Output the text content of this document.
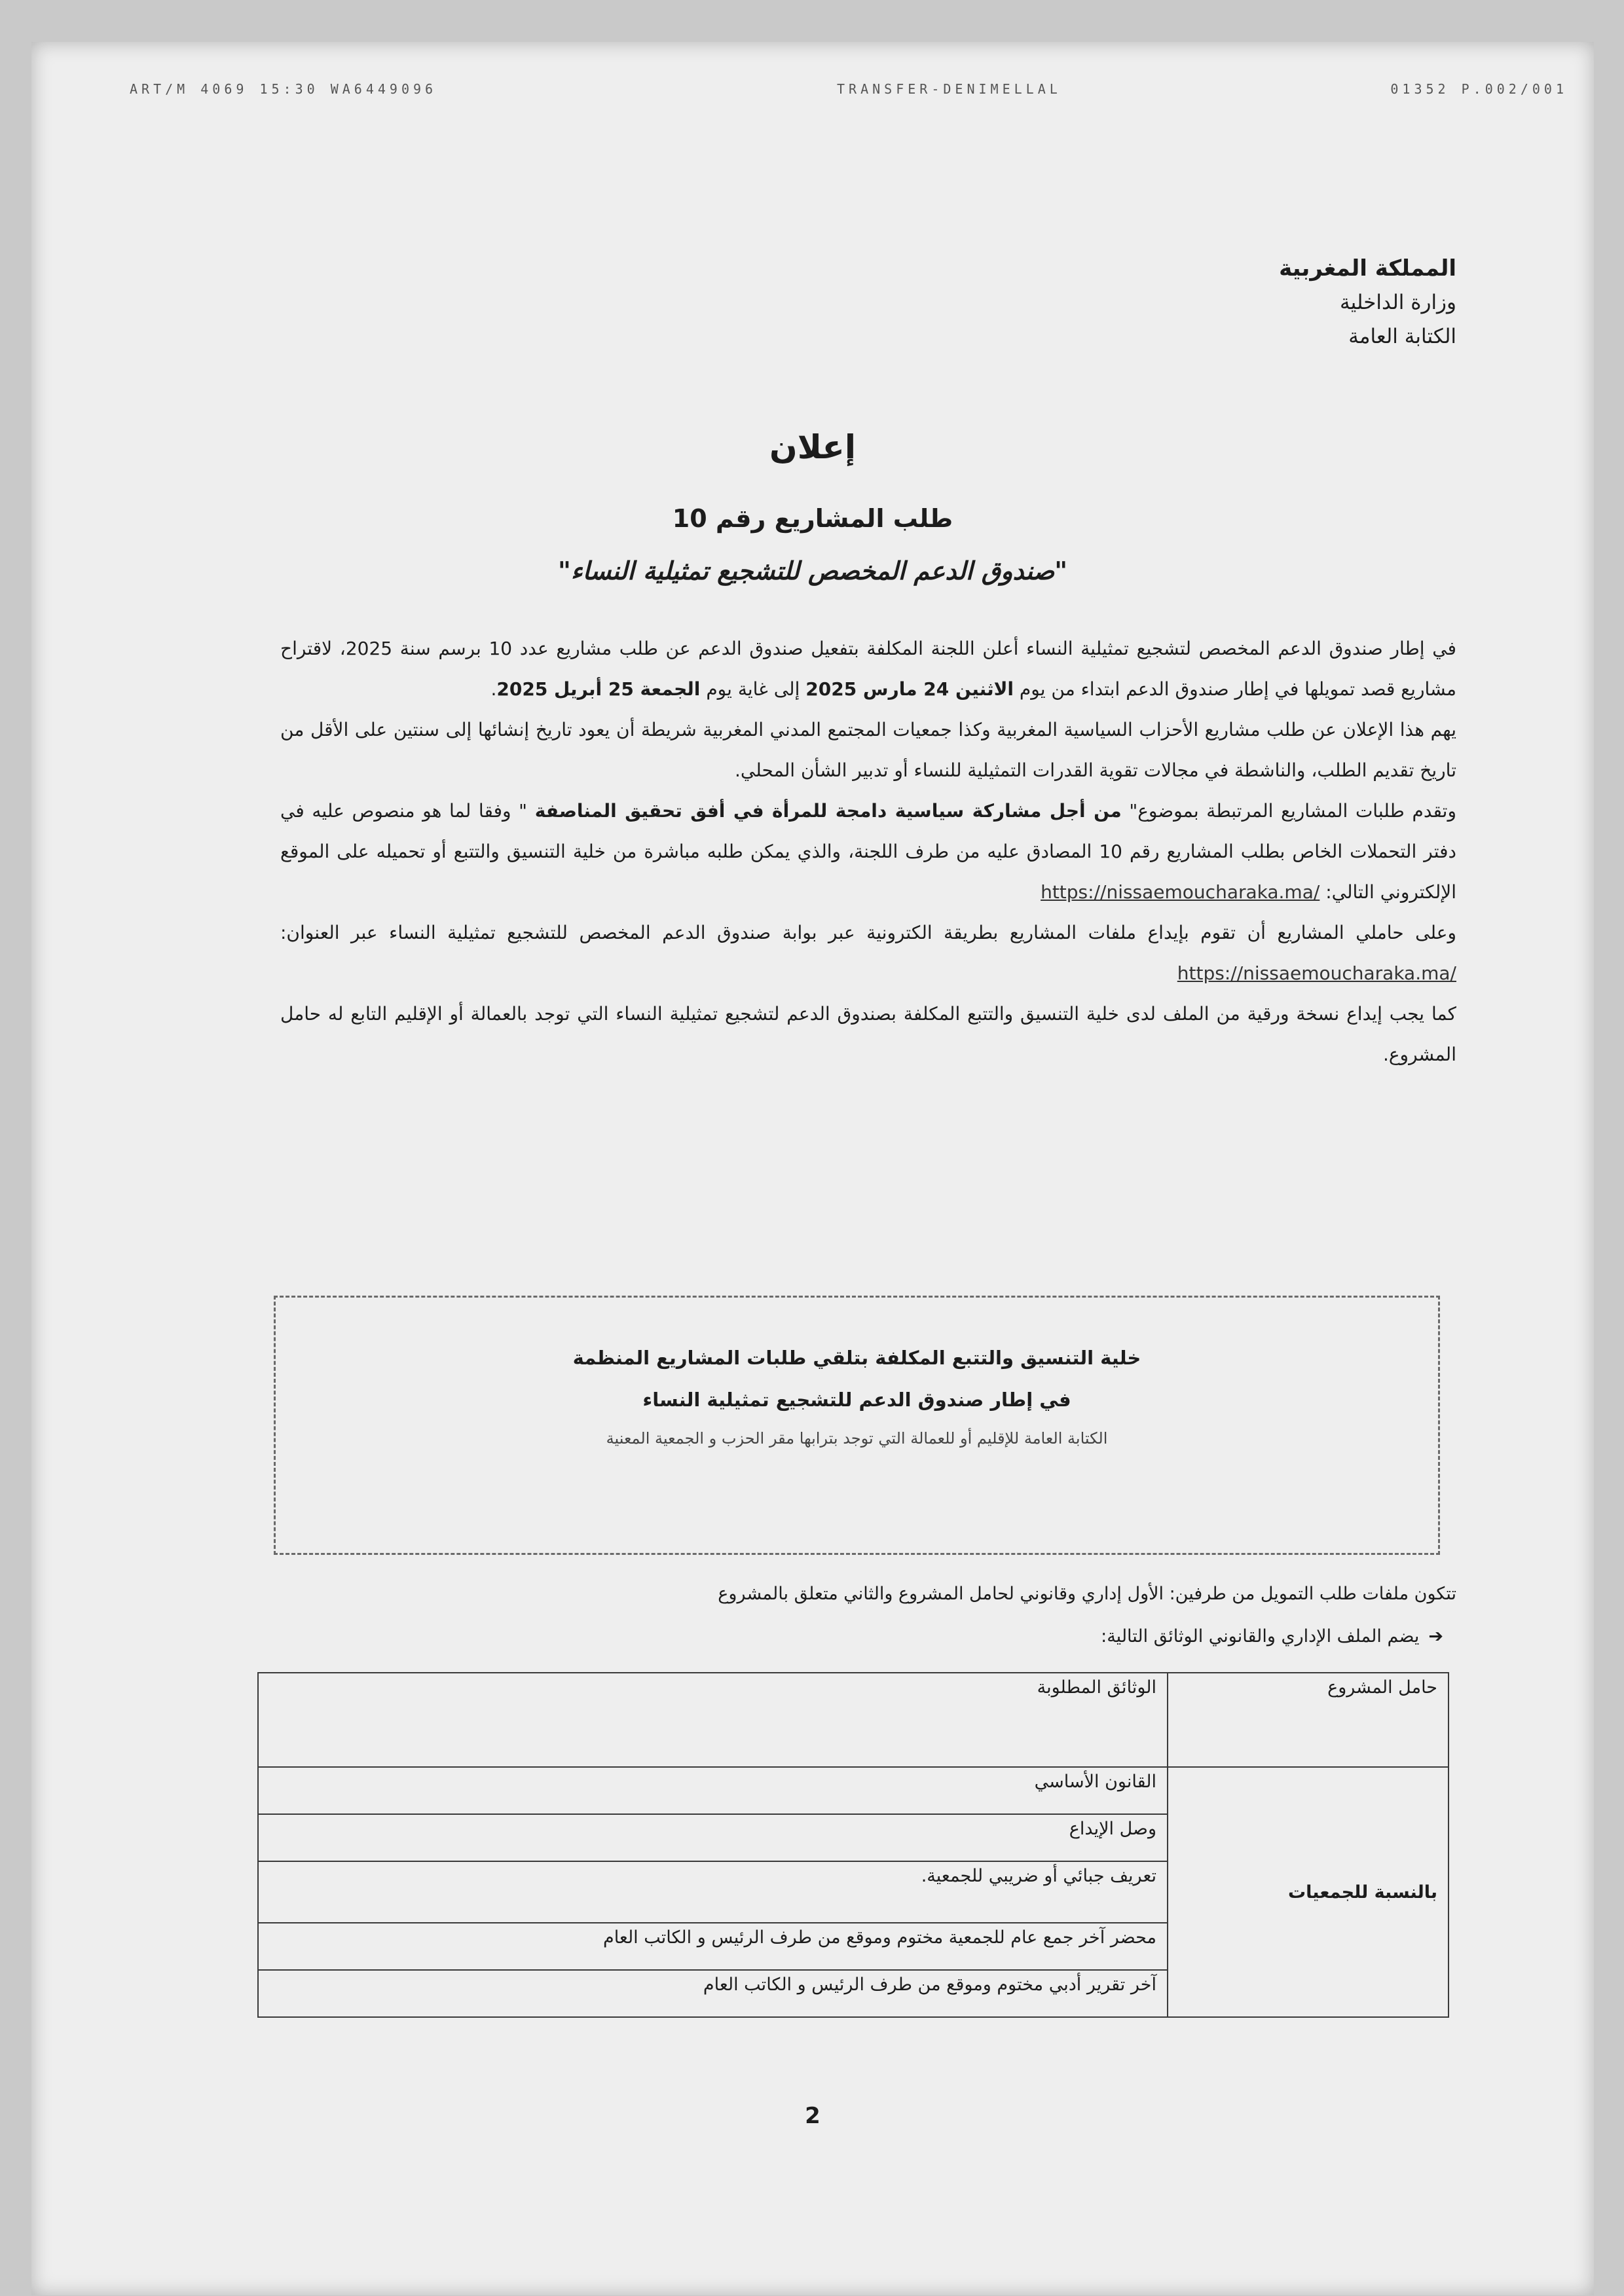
ART/M 4069 15:30 WA6449096	TRANSFER-DENIMELLAL	01352 P.002/001
المملكة المغربية
وزارة الداخلية
الكتابة العامة
إعلان
طلب المشاريع رقم 10
"صندوق الدعم المخصص للتشجيع تمثيلية النساء"

في إطار صندوق الدعم المخصص لتشجيع تمثيلية النساء أعلن اللجنة المكلفة بتفعيل صندوق الدعم عن طلب مشاريع عدد 10 برسم سنة 2025، لاقتراح مشاريع قصد تمويلها في إطار صندوق الدعم ابتداء من يوم الاثنين 24 مارس 2025 إلى غاية يوم الجمعة 25 أبريل 2025.

يهم هذا الإعلان عن طلب مشاريع الأحزاب السياسية المغربية وكذا جمعيات المجتمع المدني المغربية شريطة أن يعود تاريخ إنشائها إلى سنتين على الأقل من تاريخ تقديم الطلب، والناشطة في مجالات تقوية القدرات التمثيلية للنساء أو تدبير الشأن المحلي.

وتقدم طلبات المشاريع المرتبطة بموضوع" من أجل مشاركة سياسية دامجة للمرأة في أفق تحقيق المناصفة " وفقا لما هو منصوص عليه في دفتر التحملات الخاص بطلب المشاريع رقم 10 المصادق عليه من طرف اللجنة، والذي يمكن طلبه مباشرة من خلية التنسيق والتتبع أو تحميله على الموقع الإلكتروني التالي: https://nissaemoucharaka.ma/

وعلى حاملي المشاريع أن تقوم بإيداع ملفات المشاريع بطريقة الكترونية عبر بوابة صندوق الدعم المخصص للتشجيع تمثيلية النساء عبر العنوان: https://nissaemoucharaka.ma/

كما يجب إيداع نسخة ورقية من الملف لدى خلية التنسيق والتتبع المكلفة بصندوق الدعم لتشجيع تمثيلية النساء التي توجد بالعمالة أو الإقليم التابع له حامل المشروع.

خلية التنسيق والتتبع المكلفة بتلقي طلبات المشاريع المنظمة
في إطار صندوق الدعم للتشجيع تمثيلية النساء
الكتابة العامة للإقليم أو للعمالة التي توجد بترابها مقر الحزب و الجمعية المعنية
تتكون ملفات طلب التمويل من طرفين: الأول إداري وقانوني لحامل المشروع والثاني متعلق بالمشروع
➔يضم الملف الإداري والقانوني الوثائق التالية:
حامل المشروع	الوثائق المطلوبة
بالنسبة للجمعيات	القانون الأساسي
	وصل الإيداع
	تعريف جبائي أو ضريبي للجمعية.
	محضر آخر جمع عام للجمعية مختوم وموقع من طرف الرئيس و الكاتب العام
	آخر تقرير أدبي مختوم وموقع من طرف الرئيس و الكاتب العام
2
